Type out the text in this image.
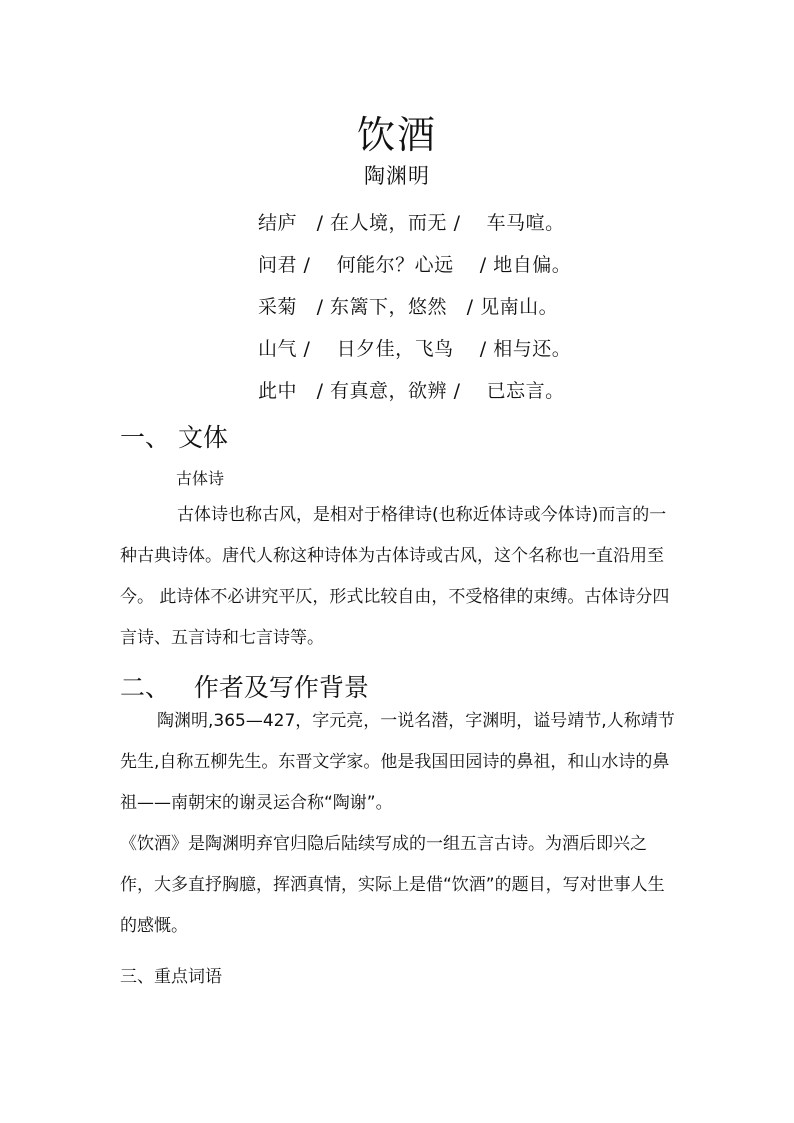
饮酒
陶渊明
结庐   / 在人境，而无 /    车马喧。
问君 /    何能尔？心远    / 地自偏。
采菊   / 东篱下，悠然   / 见南山。
山气 /    日夕佳，飞鸟    / 相与还。
此中   / 有真意，欲辨 /    已忘言。
一、 文体
古体诗
古体诗也称古风，是相对于格律诗(也称近体诗或今体诗)而言的一种古典诗体。唐代人称这种诗体为古体诗或古风，这个名称也一直沿用至今。 此诗体不必讲究平仄，形式比较自由，不受格律的束缚。古体诗分四言诗、五言诗和七言诗等。
二、   作者及写作背景
陶渊明,365—427，字元亮，一说名潜，字渊明，谥号靖节,人称靖节先生,自称五柳先生。东晋文学家。他是我国田园诗的鼻祖，和山水诗的鼻祖——南朝宋的谢灵运合称“陶谢”。
《饮酒》是陶渊明弃官归隐后陆续写成的一组五言古诗。为酒后即兴之作，大多直抒胸臆，挥洒真情，实际上是借“饮酒”的题目，写对世事人生的感慨。
三、重点词语
